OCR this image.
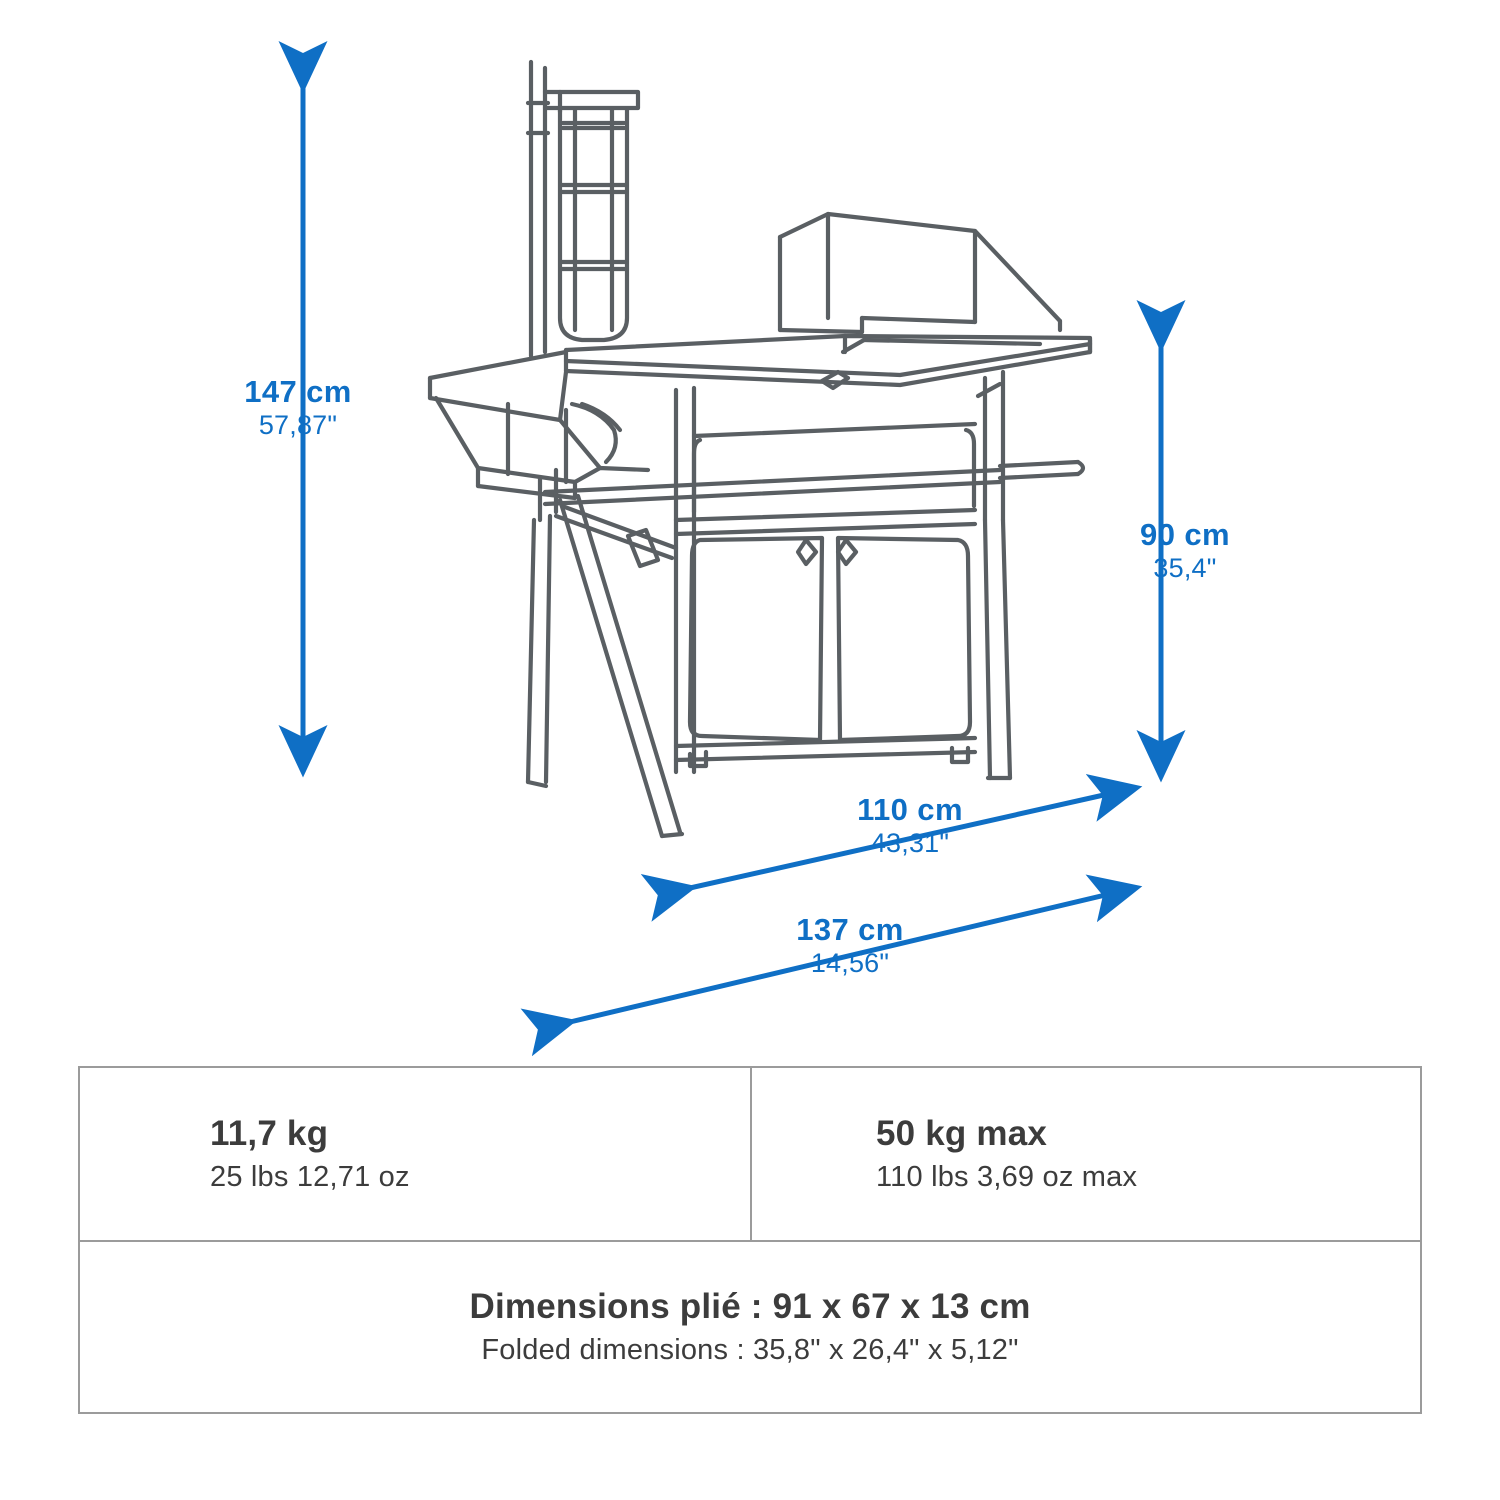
147 cm
57,87"
90 cm
35,4"
110 cm
43,31"
137 cm
14,56"
11,7 kg
25 lbs 12,71 oz
50 kg max
110 lbs 3,69 oz max
Dimensions plié : 91 x 67 x 13 cm
Folded dimensions : 35,8" x 26,4" x 5,12"
